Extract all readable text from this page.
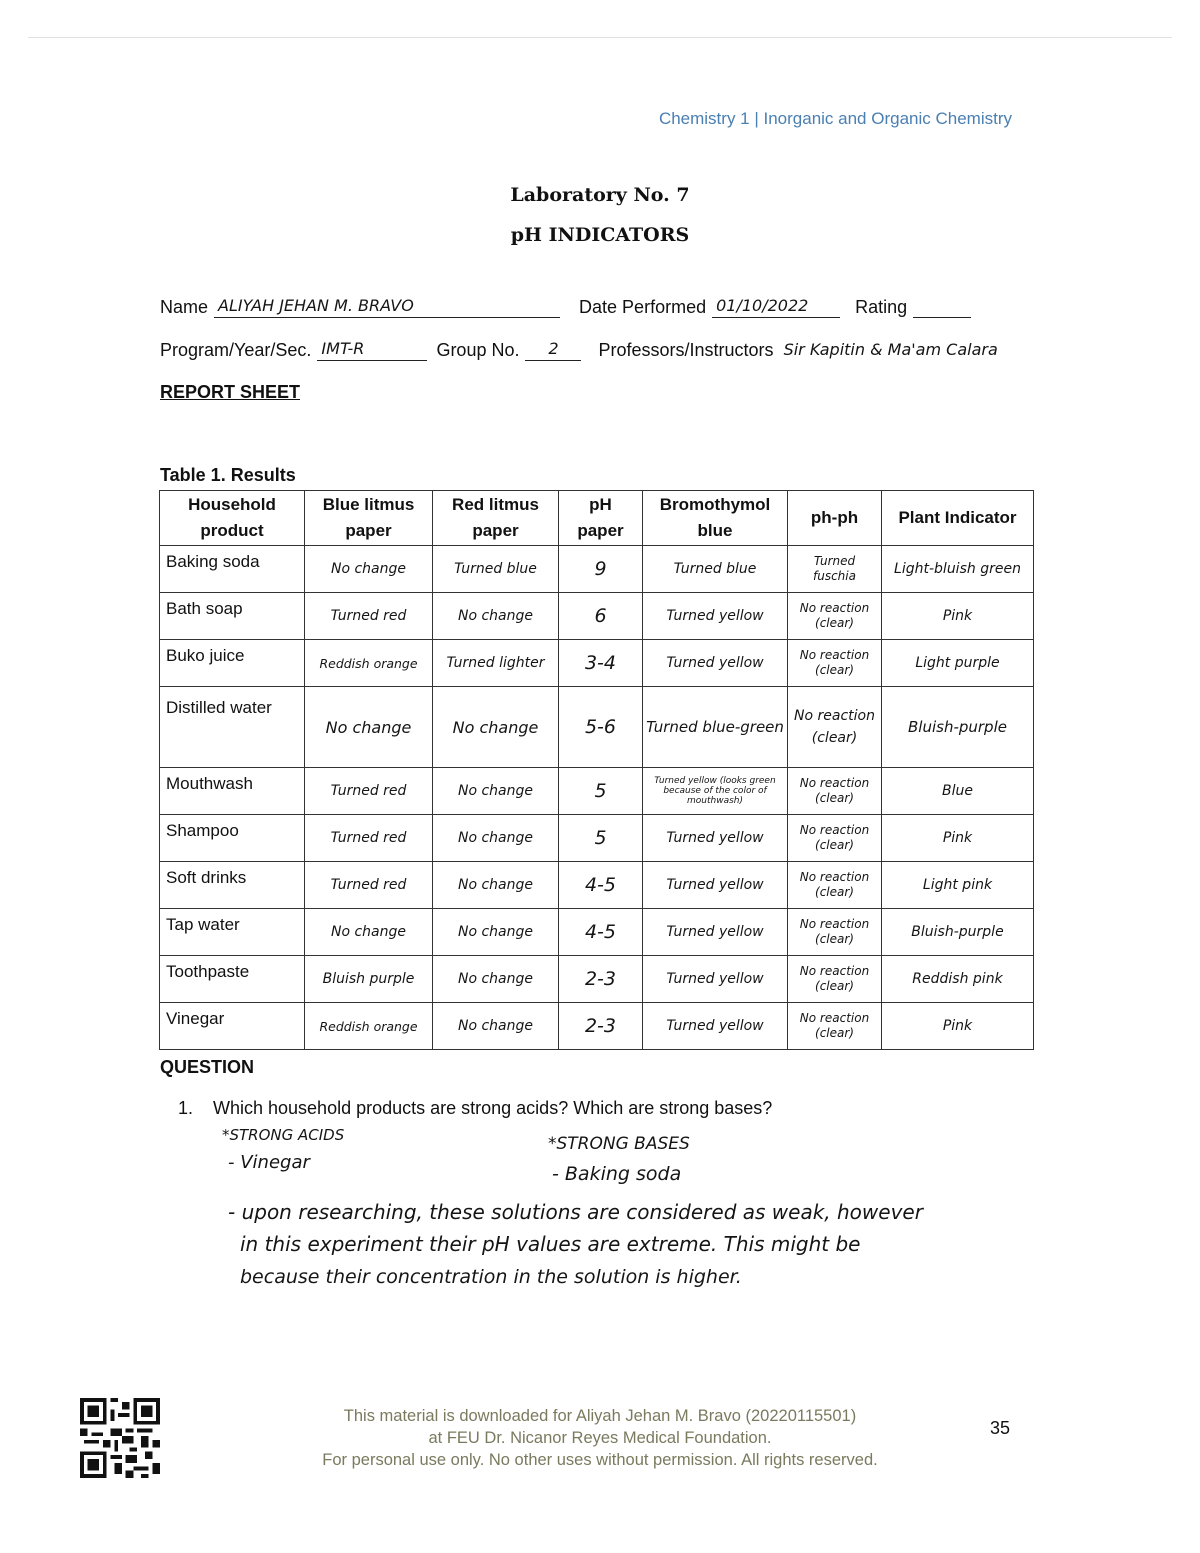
Chemistry 1 | Inorganic and Organic Chemistry
Laboratory No. 7
pH INDICATORS
Name ALIYAH JEHAN M. BRAVO	Date Performed 01/10/2022	Rating
Program/Year/Sec. IMT-R	Group No. 2 Professors/Instructors Sir Kapitin & Ma'am Calara
REPORT SHEET
Table 1. Results
Household product	Blue litmus paper	Red litmus paper	pH paper	Bromothymol blue	ph-ph	Plant Indicator
Baking soda	No change	Turned blue	9	Turned blue	Turned fuschia	Light-bluish green
Bath soap	Turned red	No change	6	Turned yellow	No reaction (clear)	Pink
Buko juice	Reddish orange	Turned lighter	3-4	Turned yellow	No reaction (clear)	Light purple
Distilled water	No change	No change	5-6	Turned blue-green	No reaction (clear)	Bluish-purple
Mouthwash	Turned red	No change	5	Turned yellow (looks green because of the color of mouthwash)	No reaction (clear)	Blue
Shampoo	Turned red	No change	5	Turned yellow	No reaction (clear)	Pink
Soft drinks	Turned red	No change	4-5	Turned yellow	No reaction (clear)	Light pink
Tap water	No change	No change	4-5	Turned yellow	No reaction (clear)	Bluish-purple
Toothpaste	Bluish purple	No change	2-3	Turned yellow	No reaction (clear)	Reddish pink
Vinegar	Reddish orange	No change	2-3	Turned yellow	No reaction (clear)	Pink
QUESTION
1. Which household products are strong acids? Which are strong bases?
*STRONG ACIDS
- Vinegar
*STRONG BASES
- Baking soda
- upon researching, these solutions are considered as weak, however
in this experiment their pH values are extreme. This might be
because their concentration in the solution is higher.
This material is downloaded for Aliyah Jehan M. Bravo (20220115501)
at FEU Dr. Nicanor Reyes Medical Foundation.
For personal use only. No other uses without permission. All rights reserved.
35
